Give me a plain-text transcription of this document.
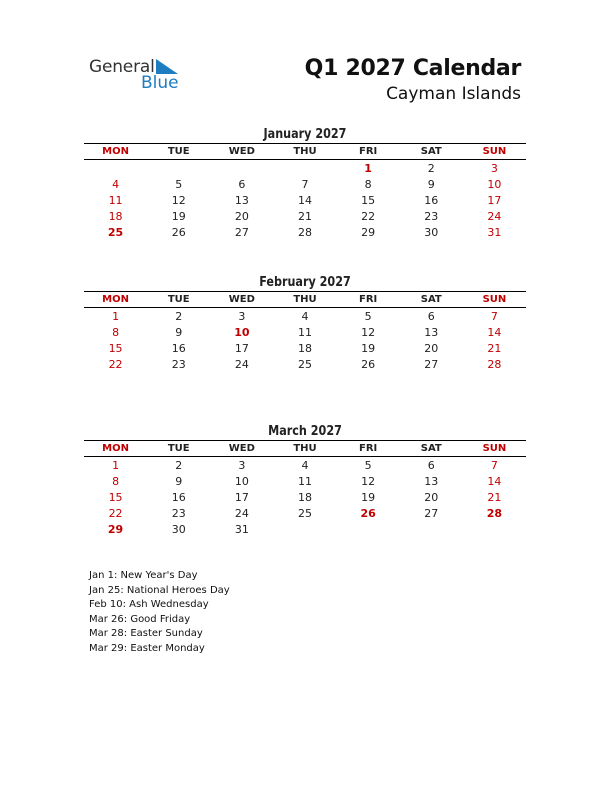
General
Blue
Q1 2027 Calendar
Cayman Islands
January 2027
MON	TUE	WED	THU	FRI	SAT	SUN
				1	2	3
4	5	6	7	8	9	10
11	12	13	14	15	16	17
18	19	20	21	22	23	24
25	26	27	28	29	30	31
February 2027
MON	TUE	WED	THU	FRI	SAT	SUN
1	2	3	4	5	6	7
8	9	10	11	12	13	14
15	16	17	18	19	20	21
22	23	24	25	26	27	28
March 2027
MON	TUE	WED	THU	FRI	SAT	SUN
1	2	3	4	5	6	7
8	9	10	11	12	13	14
15	16	17	18	19	20	21
22	23	24	25	26	27	28
29	30	31				
Jan 1: New Year's Day
Jan 25: National Heroes Day
Feb 10: Ash Wednesday
Mar 26: Good Friday
Mar 28: Easter Sunday
Mar 29: Easter Monday
